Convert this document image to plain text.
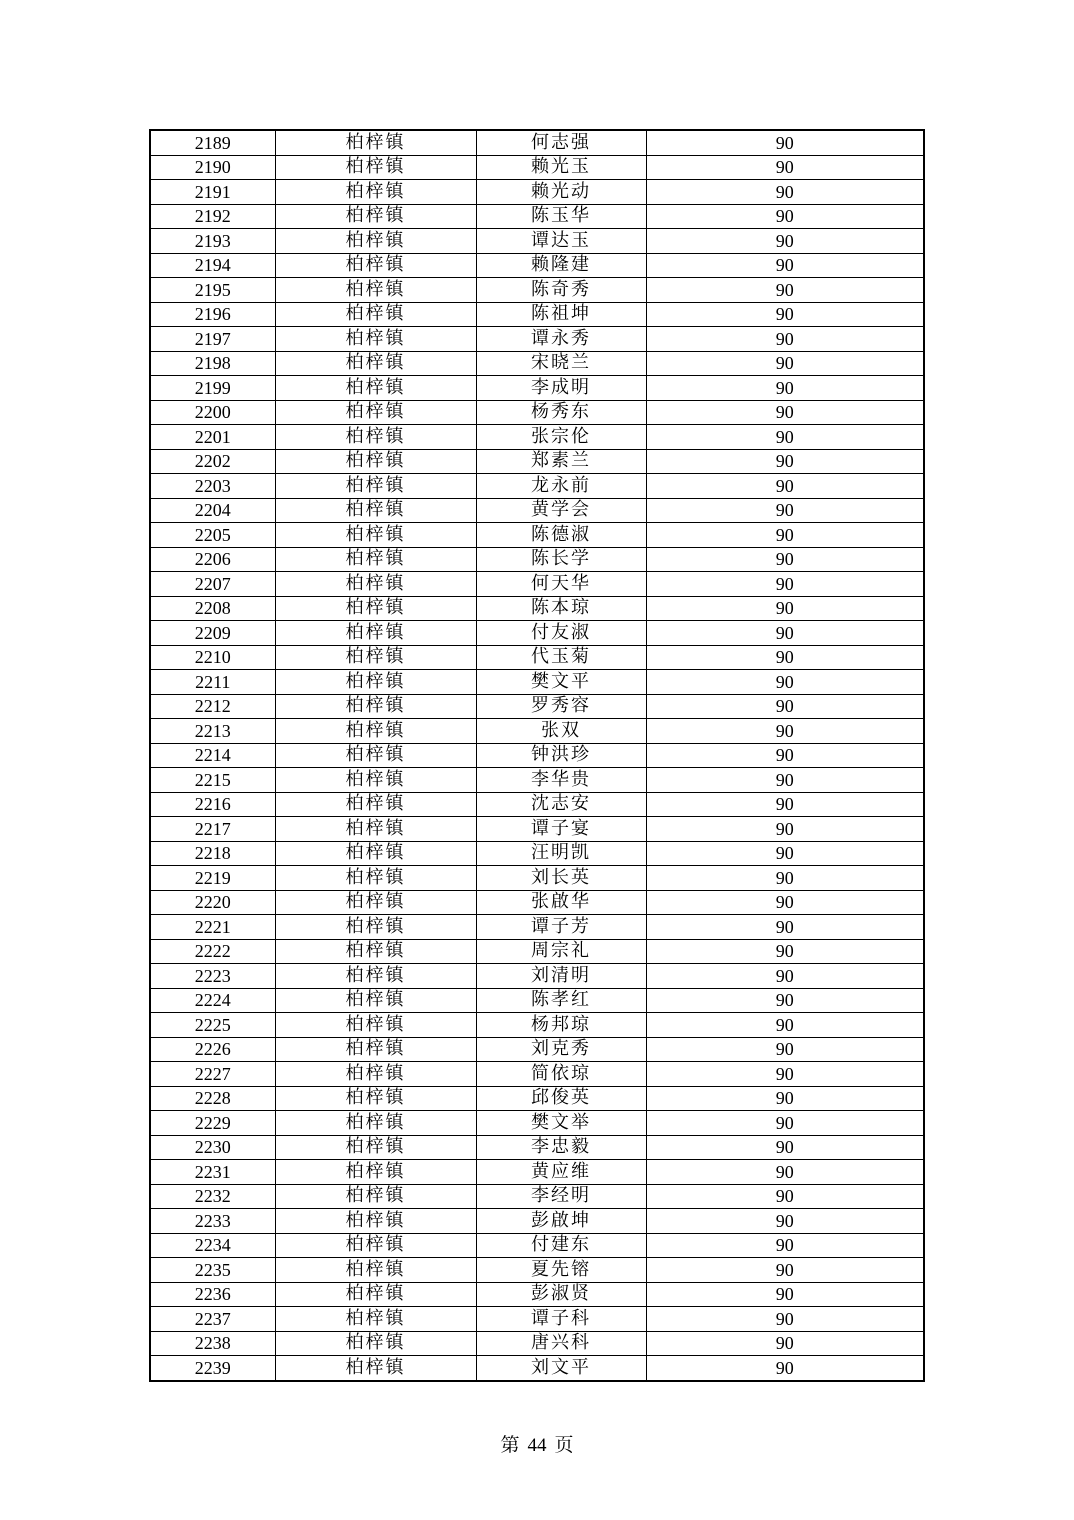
2189	柏梓镇	何志强	90
2190	柏梓镇	赖光玉	90
2191	柏梓镇	赖光动	90
2192	柏梓镇	陈玉华	90
2193	柏梓镇	谭达玉	90
2194	柏梓镇	赖隆建	90
2195	柏梓镇	陈奇秀	90
2196	柏梓镇	陈祖坤	90
2197	柏梓镇	谭永秀	90
2198	柏梓镇	宋晓兰	90
2199	柏梓镇	李成明	90
2200	柏梓镇	杨秀东	90
2201	柏梓镇	张宗伦	90
2202	柏梓镇	郑素兰	90
2203	柏梓镇	龙永前	90
2204	柏梓镇	黄学会	90
2205	柏梓镇	陈德淑	90
2206	柏梓镇	陈长学	90
2207	柏梓镇	何天华	90
2208	柏梓镇	陈本琼	90
2209	柏梓镇	付友淑	90
2210	柏梓镇	代玉菊	90
2211	柏梓镇	樊文平	90
2212	柏梓镇	罗秀容	90
2213	柏梓镇	张双	90
2214	柏梓镇	钟洪珍	90
2215	柏梓镇	李华贵	90
2216	柏梓镇	沈志安	90
2217	柏梓镇	谭子宴	90
2218	柏梓镇	汪明凯	90
2219	柏梓镇	刘长英	90
2220	柏梓镇	张啟华	90
2221	柏梓镇	谭子芳	90
2222	柏梓镇	周宗礼	90
2223	柏梓镇	刘清明	90
2224	柏梓镇	陈孝红	90
2225	柏梓镇	杨邦琼	90
2226	柏梓镇	刘克秀	90
2227	柏梓镇	简依琼	90
2228	柏梓镇	邱俊英	90
2229	柏梓镇	樊文举	90
2230	柏梓镇	李忠毅	90
2231	柏梓镇	黄应维	90
2232	柏梓镇	李经明	90
2233	柏梓镇	彭啟坤	90
2234	柏梓镇	付建东	90
2235	柏梓镇	夏先镕	90
2236	柏梓镇	彭淑贤	90
2237	柏梓镇	谭子科	90
2238	柏梓镇	唐兴科	90
2239	柏梓镇	刘文平	90
第 44 页
